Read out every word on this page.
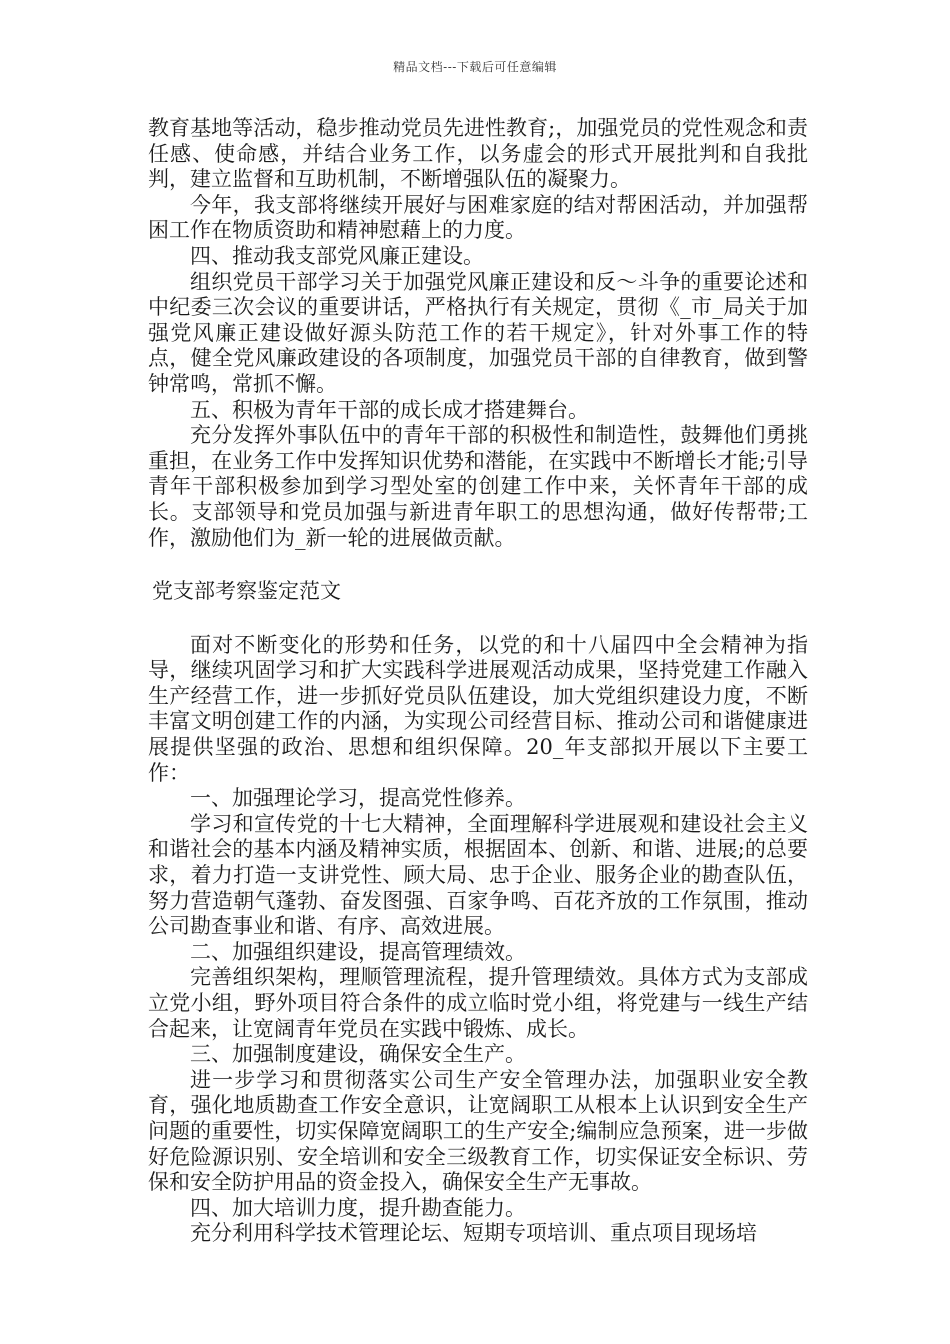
精品文档---下载后可任意编辑

教育基地等活动，稳步推动党员先进性教育;，加强党员的党性观念和责任感、使命感，并结合业务工作，以务虚会的形式开展批判和自我批判，建立监督和互助机制，不断增强队伍的凝聚力。

今年，我支部将继续开展好与困难家庭的结对帮困活动，并加强帮困工作在物质资助和精神慰藉上的力度。

四、推动我支部党风廉正建设。

组织党员干部学习关于加强党风廉正建设和反～斗争的重要论述和中纪委三次会议的重要讲话，严格执行有关规定，贯彻《_市_局关于加强党风廉正建设做好源头防范工作的若干规定》，针对外事工作的特点，健全党风廉政建设的各项制度，加强党员干部的自律教育，做到警钟常鸣，常抓不懈。

五、积极为青年干部的成长成才搭建舞台。

充分发挥外事队伍中的青年干部的积极性和制造性，鼓舞他们勇挑重担，在业务工作中发挥知识优势和潜能，在实践中不断增长才能;引导青年干部积极参加到学习型处室的创建工作中来，关怀青年干部的成长。支部领导和党员加强与新进青年职工的思想沟通，做好传帮带;工作，激励他们为_新一轮的进展做贡献。

党支部考察鉴定范文

面对不断变化的形势和任务，以党的和十八届四中全会精神为指导，继续巩固学习和扩大实践科学进展观活动成果，坚持党建工作融入生产经营工作，进一步抓好党员队伍建设，加大党组织建设力度，不断丰富文明创建工作的内涵，为实现公司经营目标、推动公司和谐健康进展提供坚强的政治、思想和组织保障。20_年支部拟开展以下主要工作：

一、加强理论学习，提高党性修养。

学习和宣传党的十七大精神，全面理解科学进展观和建设社会主义和谐社会的基本内涵及精神实质，根据固本、创新、和谐、进展;的总要求，着力打造一支讲党性、顾大局、忠于企业、服务企业的勘查队伍，努力营造朝气蓬勃、奋发图强、百家争鸣、百花齐放的工作氛围，推动公司勘查事业和谐、有序、高效进展。

二、加强组织建设，提高管理绩效。

完善组织架构，理顺管理流程，提升管理绩效。具体方式为支部成立党小组，野外项目符合条件的成立临时党小组，将党建与一线生产结合起来，让宽阔青年党员在实践中锻炼、成长。

三、加强制度建设，确保安全生产。

进一步学习和贯彻落实公司生产安全管理办法，加强职业安全教育，强化地质勘查工作安全意识，让宽阔职工从根本上认识到安全生产问题的重要性，切实保障宽阔职工的生产安全;编制应急预案，进一步做好危险源识别、安全培训和安全三级教育工作，切实保证安全标识、劳保和安全防护用品的资金投入，确保安全生产无事故。

四、加大培训力度，提升勘查能力。

充分利用科学技术管理论坛、短期专项培训、重点项目现场培
